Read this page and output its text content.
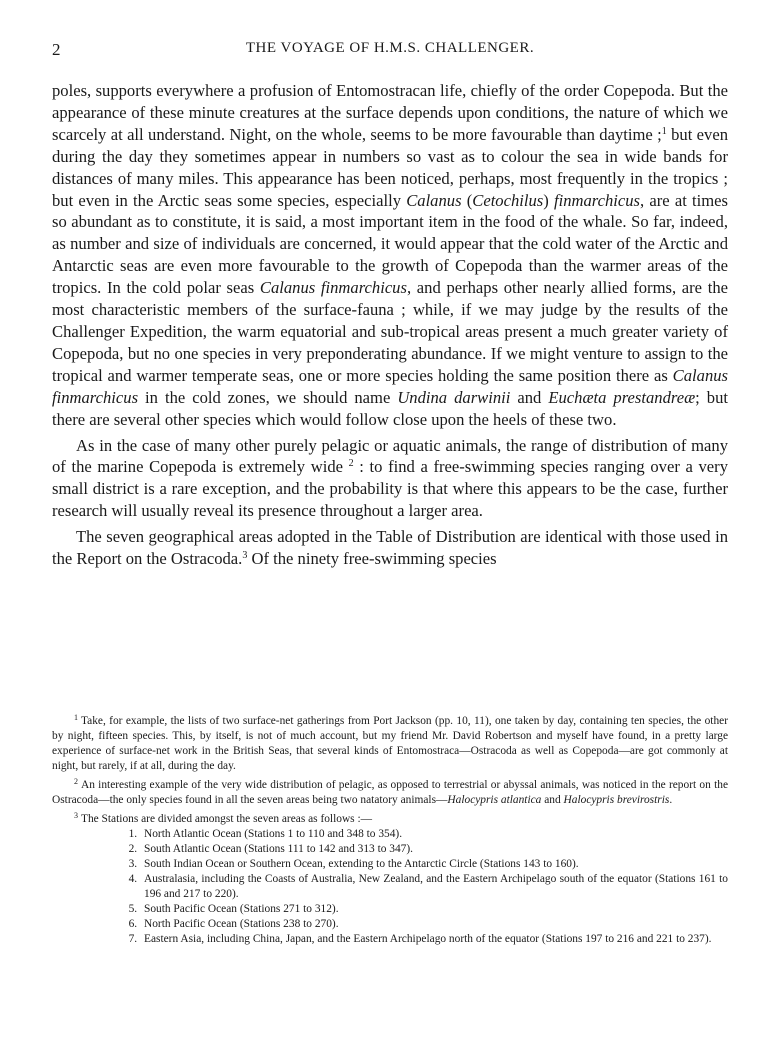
2	THE VOYAGE OF H.M.S. CHALLENGER.

poles, supports everywhere a profusion of Entomostracan life, chiefly of the order Copepoda. But the appearance of these minute creatures at the surface depends upon conditions, the nature of which we scarcely at all understand. Night, on the whole, seems to be more favourable than daytime ;$^1$ but even during the day they sometimes appear in numbers so vast as to colour the sea in wide bands for distances of many miles. This appearance has been noticed, perhaps, most frequently in the tropics ; but even in the Arctic seas some species, especially Calanus (Cetochilus) finmarchicus, are at times so abundant as to constitute, it is said, a most important item in the food of the whale. So far, indeed, as number and size of individuals are concerned, it would appear that the cold water of the Arctic and Antarctic seas are even more favourable to the growth of Copepoda than the warmer areas of the tropics. In the cold polar seas Calanus finmarchicus, and perhaps other nearly allied forms, are the most characteristic members of the surface-fauna ; while, if we may judge by the results of the Challenger Expedition, the warm equatorial and sub-tropical areas present a much greater variety of Copepoda, but no one species in very preponderating abundance. If we might venture to assign to the tropical and warmer temperate seas, one or more species holding the same position there as Calanus finmarchicus in the cold zones, we should name Undina darwinii and Euchæta prestandreæ; but there are several other species which would follow close upon the heels of these two.

As in the case of many other purely pelagic or aquatic animals, the range of distribution of many of the marine Copepoda is extremely wide $^2$ : to find a free-swimming species ranging over a very small district is a rare exception, and the probability is that where this appears to be the case, further research will usually reveal its presence throughout a larger area.

The seven geographical areas adopted in the Table of Distribution are identical with those used in the Report on the Ostracoda.$^3$ Of the ninety free-swimming species

$^1$ Take, for example, the lists of two surface-net gatherings from Port Jackson (pp. 10, 11), one taken by day, containing ten species, the other by night, fifteen species. This, by itself, is not of much account, but my friend Mr. David Robertson and myself have found, in a pretty large experience of surface-net work in the British Seas, that several kinds of Entomostraca—Ostracoda as well as Copepoda—are got commonly at night, but rarely, if at all, during the day.

$^2$ An interesting example of the very wide distribution of pelagic, as opposed to terrestrial or abyssal animals, was noticed in the report on the Ostracoda—the only species found in all the seven areas being two natatory animals—Halocypris atlantica and Halocypris brevirostris.

$^3$ The Stations are divided amongst the seven areas as follows :—

1. North Atlantic Ocean (Stations 1 to 110 and 348 to 354).
2. South Atlantic Ocean (Stations 111 to 142 and 313 to 347).
3. South Indian Ocean or Southern Ocean, extending to the Antarctic Circle (Stations 143 to 160).
4. Australasia, including the Coasts of Australia, New Zealand, and the Eastern Archipelago south of the equator (Stations 161 to 196 and 217 to 220).
5. South Pacific Ocean (Stations 271 to 312).
6. North Pacific Ocean (Stations 238 to 270).
7. Eastern Asia, including China, Japan, and the Eastern Archipelago north of the equator (Stations 197 to 216 and 221 to 237).
